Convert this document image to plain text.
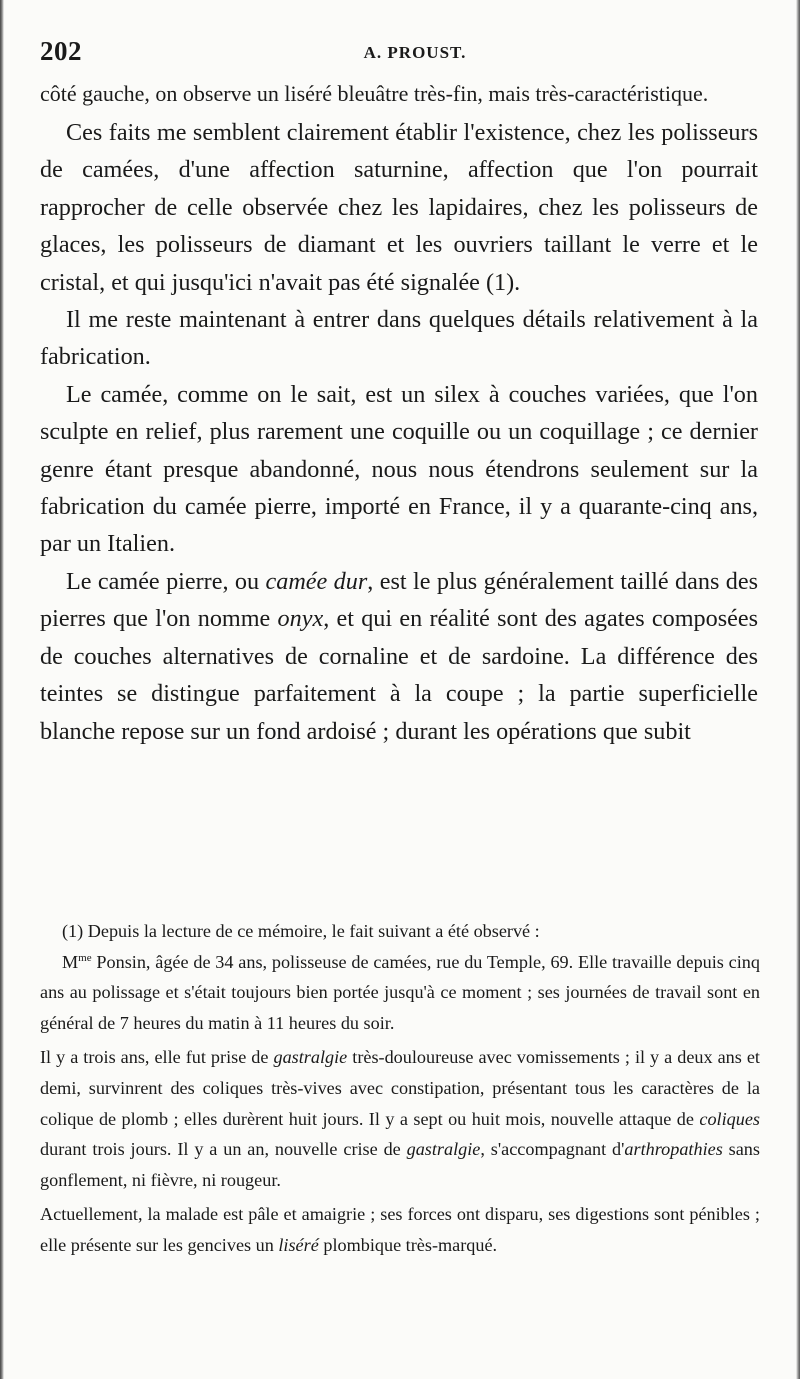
202	A. PROUST.

côté gauche, on observe un liséré bleuâtre très-fin, mais très-caractéristique.

Ces faits me semblent clairement établir l'existence, chez les polisseurs de camées, d'une affection saturnine, affection que l'on pourrait rapprocher de celle observée chez les lapidaires, chez les polisseurs de glaces, les polisseurs de diamant et les ouvriers taillant le verre et le cristal, et qui jusqu'ici n'avait pas été signalée (1).

Il me reste maintenant à entrer dans quelques détails relativement à la fabrication.

Le camée, comme on le sait, est un silex à couches variées, que l'on sculpte en relief, plus rarement une coquille ou un coquillage ; ce dernier genre étant presque abandonné, nous nous étendrons seulement sur la fabrication du camée pierre, importé en France, il y a quarante-cinq ans, par un Italien.

Le camée pierre, ou camée dur, est le plus généralement taillé dans des pierres que l'on nomme onyx, et qui en réalité sont des agates composées de couches alternatives de cornaline et de sardoine. La différence des teintes se distingue parfaitement à la coupe ; la partie superficielle blanche repose sur un fond ardoisé ; durant les opérations que subit

(1) Depuis la lecture de ce mémoire, le fait suivant a été observé :

$M^{me}$ Ponsin, âgée de 34 ans, polisseuse de camées, rue du Temple, 69. Elle travaille depuis cinq ans au polissage et s'était toujours bien portée jusqu'à ce moment ; ses journées de travail sont en général de 7 heures du matin à 11 heures du soir.

Il y a trois ans, elle fut prise de gastralgie très-douloureuse avec vomissements ; il y a deux ans et demi, survinrent des coliques très-vives avec constipation, présentant tous les caractères de la colique de plomb ; elles durèrent huit jours. Il y a sept ou huit mois, nouvelle attaque de coliques durant trois jours. Il y a un an, nouvelle crise de gastralgie, s'accompagnant d'arthropathies sans gonflement, ni fièvre, ni rougeur.

Actuellement, la malade est pâle et amaigrie ; ses forces ont disparu, ses digestions sont pénibles ; elle présente sur les gencives un liséré plombique très-marqué.
